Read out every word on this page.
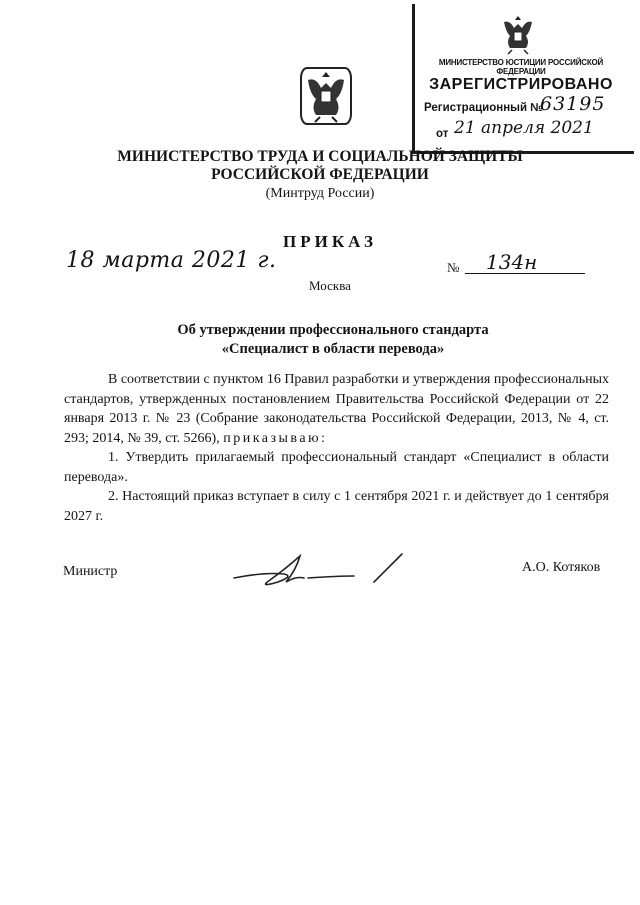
МИНИСТЕРСТВО ЮСТИЦИИ РОССИЙСКОЙ ФЕДЕРАЦИИ
ЗАРЕГИСТРИРОВАНО
Регистрационный №
63195
от 21 апреля 2021
МИНИСТЕРСТВО ТРУДА И СОЦИАЛЬНОЙ ЗАЩИТЫ
РОССИЙСКОЙ ФЕДЕРАЦИИ
(Минтруд России)
ПРИКАЗ
18 марта 2021 г.
Москва
№ 134н
Об утверждении профессионального стандарта
«Специалист в области перевода»

В соответствии с пунктом 16 Правил разработки и утверждения профессиональных стандартов, утвержденных постановлением Правительства Российской Федерации от 22 января 2013 г. № 23 (Собрание законодательства Российской Федерации, 2013, № 4, ст. 293; 2014, № 39, ст. 5266), приказываю:

1. Утвердить прилагаемый профессиональный стандарт «Специалист в области перевода».

2. Настоящий приказ вступает в силу с 1 сентября 2021 г. и действует до 1 сентября 2027 г.

Министр	А.О. Котяков
